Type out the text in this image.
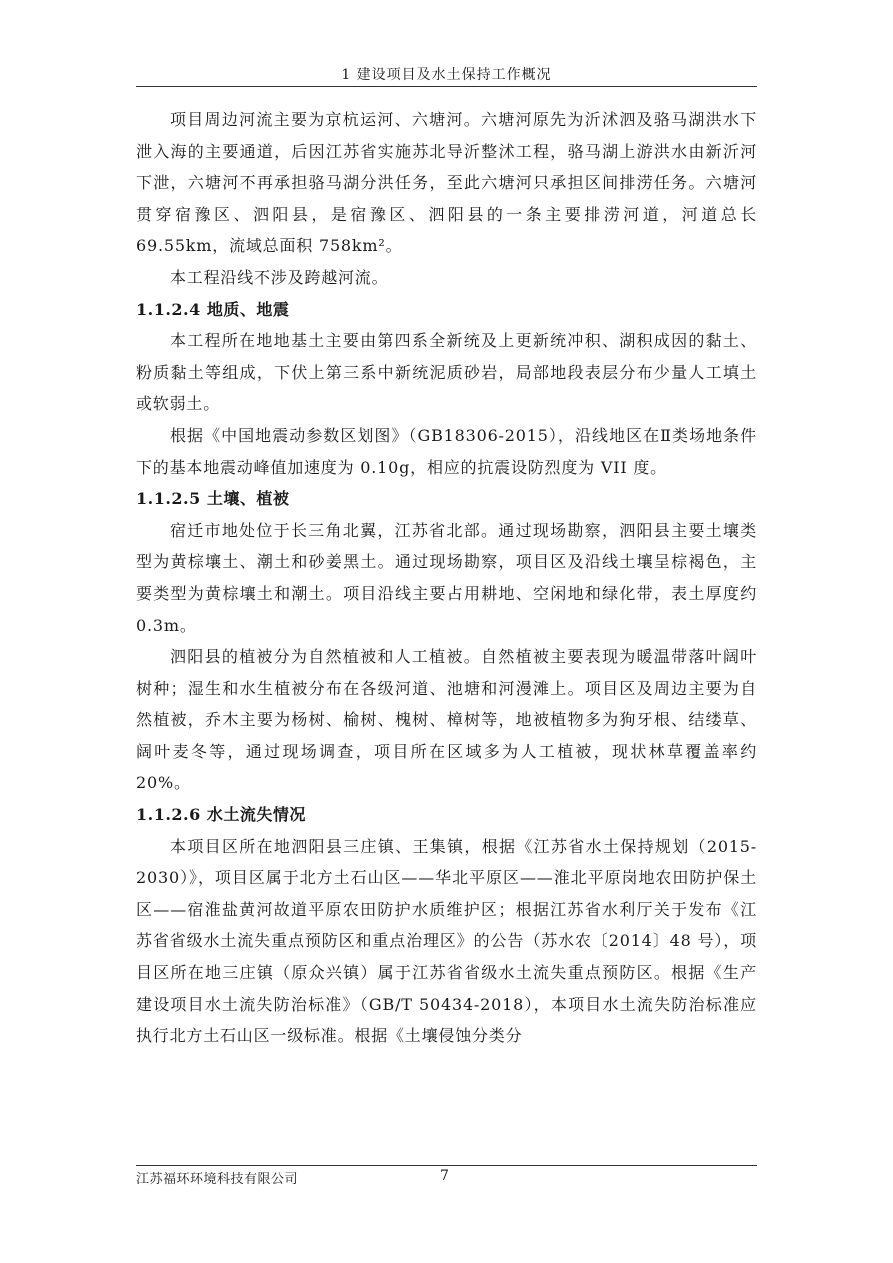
1 建设项目及水土保持工作概况

项目周边河流主要为京杭运河、六塘河。六塘河原先为沂沭泗及骆马湖洪水下泄入海的主要通道，后因江苏省实施苏北导沂整沭工程，骆马湖上游洪水由新沂河下泄，六塘河不再承担骆马湖分洪任务，至此六塘河只承担区间排涝任务。六塘河贯穿宿豫区、泗阳县，是宿豫区、泗阳县的一条主要排涝河道，河道总长69.55km，流域总面积 758km²。

本工程沿线不涉及跨越河流。

1.1.2.4 地质、地震

本工程所在地地基土主要由第四系全新统及上更新统冲积、湖积成因的黏土、粉质黏土等组成，下伏上第三系中新统泥质砂岩，局部地段表层分布少量人工填土或软弱土。

根据《中国地震动参数区划图》（GB18306-2015），沿线地区在Ⅱ类场地条件下的基本地震动峰值加速度为 0.10g，相应的抗震设防烈度为 VII 度。

1.1.2.5 土壤、植被

宿迁市地处位于长三角北翼，江苏省北部。通过现场勘察，泗阳县主要土壤类型为黄棕壤土、潮土和砂姜黑土。通过现场勘察，项目区及沿线土壤呈棕褐色，主要类型为黄棕壤土和潮土。项目沿线主要占用耕地、空闲地和绿化带，表土厚度约 0.3m。

泗阳县的植被分为自然植被和人工植被。自然植被主要表现为暖温带落叶阔叶树种；湿生和水生植被分布在各级河道、池塘和河漫滩上。项目区及周边主要为自然植被，乔木主要为杨树、榆树、槐树、樟树等，地被植物多为狗牙根、结缕草、阔叶麦冬等，通过现场调查，项目所在区域多为人工植被，现状林草覆盖率约 20%。

1.1.2.6 水土流失情况

本项目区所在地泗阳县三庄镇、王集镇，根据《江苏省水土保持规划（2015-2030）》，项目区属于北方土石山区——华北平原区——淮北平原岗地农田防护保土区——宿淮盐黄河故道平原农田防护水质维护区；根据江苏省水利厅关于发布《江苏省省级水土流失重点预防区和重点治理区》的公告（苏水农〔2014〕48 号），项目区所在地三庄镇（原众兴镇）属于江苏省省级水土流失重点预防区。根据《生产建设项目水土流失防治标准》（GB/T 50434-2018），本项目水土流失防治标准应执行北方土石山区一级标准。根据《土壤侵蚀分类分

江苏福环环境科技有限公司	7
